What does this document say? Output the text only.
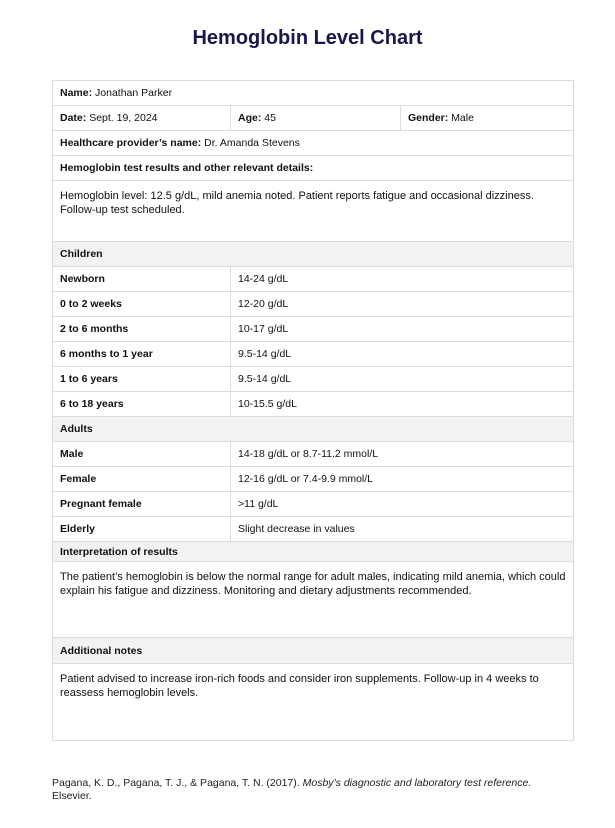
Hemoglobin Level Chart
Name: Jonathan Parker		
Date: Sept. 19, 2024	Age: 45	Gender: Male
Healthcare provider’s name: Dr. Amanda Stevens		
Hemoglobin test results and other relevant details:		
Hemoglobin level: 12.5 g/dL, mild anemia noted. Patient reports fatigue and occasional dizziness. Follow-up test scheduled.		
Children		
Newborn	14-24 g/dL	
0 to 2 weeks	12-20 g/dL	
2 to 6 months	10-17 g/dL	
6 months to 1 year	9.5-14 g/dL	
1 to 6 years	9.5-14 g/dL	
6 to 18 years	10-15.5 g/dL	
Adults		
Male	14-18 g/dL or 8.7-11.2 mmol/L	
Female	12-16 g/dL or 7.4-9.9 mmol/L	
Pregnant female	>11 g/dL	
Elderly	Slight decrease in values	
Interpretation of results		
The patient’s hemoglobin is below the normal range for adult males, indicating mild anemia, which could explain his fatigue and dizziness. Monitoring and dietary adjustments recommended.		
Additional notes		
Patient advised to increase iron-rich foods and consider iron supplements. Follow-up in 4 weeks to reassess hemoglobin levels.		
Pagana, K. D., Pagana, T. J., & Pagana, T. N. (2017). Mosby’s diagnostic and laboratory test reference. Elsevier.
